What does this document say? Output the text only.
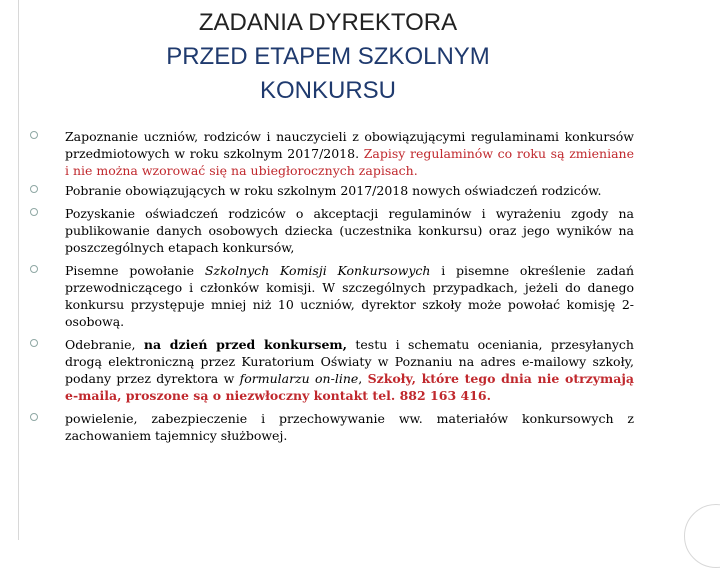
ZADANIA DYREKTORA
PRZED ETAPEM SZKOLNYM
KONKURSU
Zapoznanie uczniów, rodziców i nauczycieli z obowiązującymi regulaminami konkursów przedmiotowych w roku szkolnym 2017/2018. Zapisy regulaminów co roku są zmieniane i nie można wzorować się na ubiegłorocznych zapisach.
Pobranie obowiązujących w roku szkolnym 2017/2018 nowych oświadczeń rodziców.
Pozyskanie oświadczeń rodziców o akceptacji regulaminów i wyrażeniu zgody na publikowanie danych osobowych dziecka (uczestnika konkursu) oraz jego wyników na poszczególnych etapach konkursów,
Pisemne powołanie Szkolnych Komisji Konkursowych i pisemne określenie zadań przewodniczącego i członków komisji. W szczególnych przypadkach, jeżeli do danego konkursu przystępuje mniej niż 10 uczniów, dyrektor szkoły może powołać komisję 2-osobową.
Odebranie, na dzień przed konkursem, testu i schematu oceniania, przesyłanych drogą elektroniczną przez Kuratorium Oświaty w Poznaniu na adres e-mailowy szkoły, podany przez dyrektora w formularzu on-line, Szkoły, które tego dnia nie otrzymają e-maila, proszone są o niezwłoczny kontakt tel. 882 163 416.
powielenie, zabezpieczenie i przechowywanie ww. materiałów konkursowych z zachowaniem tajemnicy służbowej.
